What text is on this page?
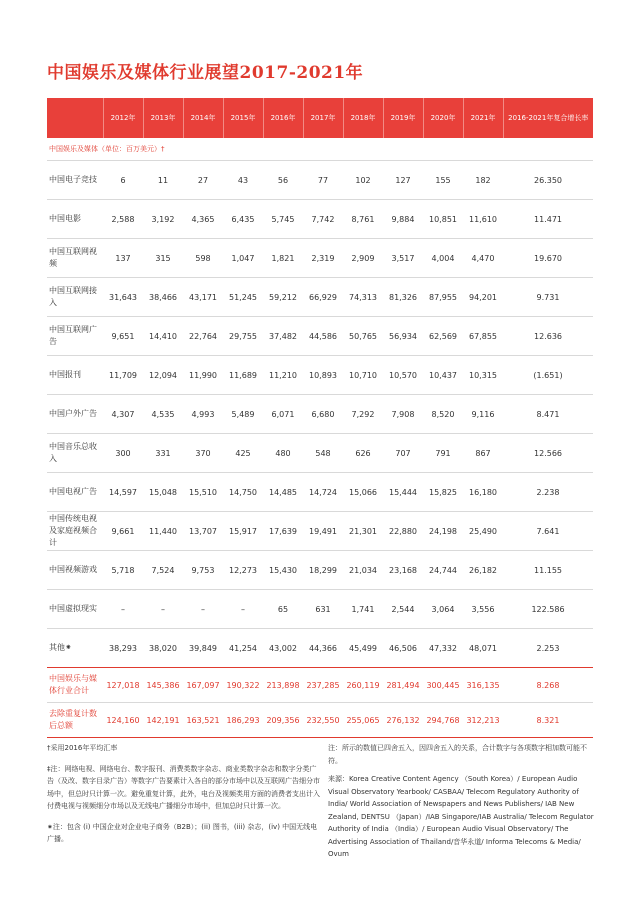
中国娱乐及媒体行业展望2017-2021年
	2012年	2013年	2014年	2015年	2016年	2017年	2018年	2019年	2020年	2021年	2016-2021年复合增长率
中国娱乐及媒体（单位：百万美元）†											
中国电子竞技	6	11	27	43	56	77	102	127	155	182	26.350
中国电影	2,588	3,192	4,365	6,435	5,745	7,742	8,761	9,884	10,851	11,610	11.471
中国互联网视频	137	315	598	1,047	1,821	2,319	2,909	3,517	4,004	4,470	19.670
中国互联网接入	31,643	38,466	43,171	51,245	59,212	66,929	74,313	81,326	87,955	94,201	9.731
中国互联网广告	9,651	14,410	22,764	29,755	37,482	44,586	50,765	56,934	62,569	67,855	12.636
中国报刊	11,709	12,094	11,990	11,689	11,210	10,893	10,710	10,570	10,437	10,315	(1.651)
中国户外广告	4,307	4,535	4,993	5,489	6,071	6,680	7,292	7,908	8,520	9,116	8.471
中国音乐总收入	300	331	370	425	480	548	626	707	791	867	12.566
中国电视广告	14,597	15,048	15,510	14,750	14,485	14,724	15,066	15,444	15,825	16,180	2.238
中国传统电视及家庭视频合计	9,661	11,440	13,707	15,917	17,639	19,491	21,301	22,880	24,198	25,490	7.641
中国视频游戏	5,718	7,524	9,753	12,273	15,430	18,299	21,034	23,168	24,744	26,182	11.155
中国虚拟现实	–	–	–	–	65	631	1,741	2,544	3,064	3,556	122.586
其他⁕	38,293	38,020	39,849	41,254	43,002	44,366	45,499	46,506	47,332	48,071	2.253
中国娱乐与媒体行业合计	127,018	145,386	167,097	190,322	213,898	237,285	260,119	281,494	300,445	316,135	8.268
去除重复计数后总额	124,160	142,191	163,521	186,293	209,356	232,550	255,065	276,132	294,768	312,213	8.321
†采用2016年平均汇率
‡注：网络电视、网络电台、数字报刊、消费类数字杂志、商业类数字杂志和数字分类广告（及改、数字目录广告）等数字广告要素计入各自的部分市场中以及互联网广告细分市场中，但总时只计算一次。避免重复计算，此外，电台及视频类用方面的消费者支出计入付费电视与视频细分市场以及无线电广播细分市场中，但加总时只计算一次。
⁕注：包含 (i) 中国企业对企业电子商务（B2B）；(ii) 图书，(iii) 杂志，(iv) 中国无线电广播。
注：所示的数值已四舍五入，因四舍五入的关系，合计数字与各项数字相加数可能不符。
来源：Korea Creative Content Agency （South Korea）/ European Audio Visual Observatory Yearbook/ CASBAA/ Telecom Regulatory Authority of India/ World Association of Newspapers and News Publishers/ IAB New Zealand, DENTSU （Japan）/IAB Singapore/IAB Australia/ Telecom Regulator Authority of India （India）/ European Audio Visual Observatory/ The Advertising Association of Thailand/音华永道/ Informa Telecoms & Media/ Ovum
